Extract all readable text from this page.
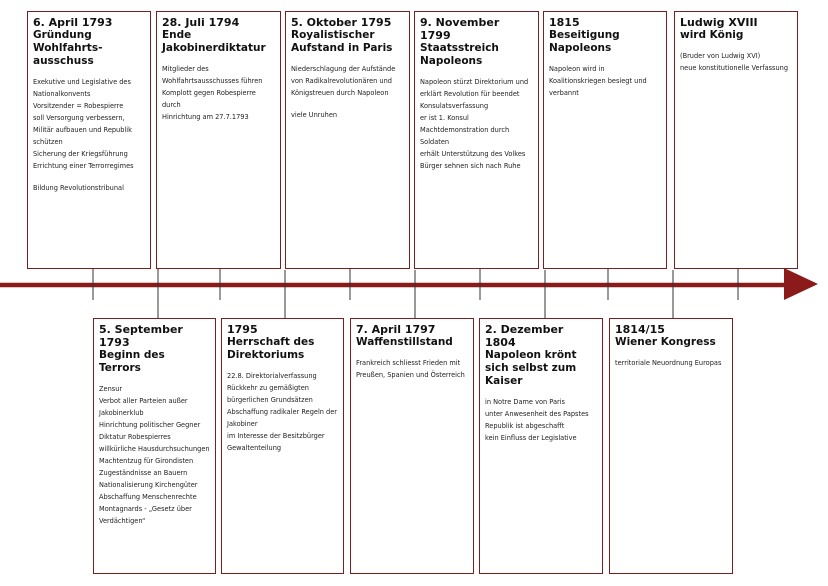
6. April 1793
Gründung Wohlfahrts-ausschuss
Exekutive und Legislative des Nationalkonvents
Vorsitzender = Robespierre
soll Versorgung verbessern, Militär aufbauen und Republik schützen
Sicherung der Kriegsführung
Errichtung einer Terrorregimes
Bildung Revolutionstribunal
28. Juli 1794
Ende Jakobinerdiktatur
Mitglieder des Wohlfahrtsausschusses führen Komplott gegen Robespierre durch
Hinrichtung am 27.7.1793
5. Oktober 1795
Royalistischer Aufstand in Paris
Niederschlagung der Aufstände von Radikalrevolutionären und Königstreuen durch Napoleon
viele Unruhen
9. November 1799
Staatsstreich Napoleons
Napoleon stürzt Direktorium und erklärt Revolution für beendet
Konsulatsverfassung
er ist 1. Konsul
Machtdemonstration durch Soldaten
erhält Unterstützung des Volkes
Bürger sehnen sich nach Ruhe
1815
Beseitigung Napoleons
Napoleon wird in Koalitionskriegen besiegt und verbannt
Ludwig XVIII
wird König
(Bruder von Ludwig XVI)
neue konstitutionelle Verfassung
5. September 1793
Beginn des Terrors
Zensur
Verbot aller Parteien außer Jakobinerklub
Hinrichtung politischer Gegner
Diktatur Robespierres
willkürliche Hausdurchsuchungen
Machtentzug für Girondisten
Zugeständnisse an Bauern
Nationalisierung Kirchengüter
Abschaffung Menschenrechte
Montagnards - „Gesetz über Verdächtigen“
1795
Herrschaft des Direktoriums
22.8. Direktorialverfassung
Rückkehr zu gemäßigten bürgerlichen Grundsätzen
Abschaffung radikaler Regeln der Jakobiner
im Interesse der Besitzbürger
Gewaltenteilung
7. April 1797
Waffenstillstand
Frankreich schliesst Frieden mit Preußen, Spanien und Österreich
2. Dezember 1804
Napoleon krönt sich selbst zum Kaiser
in Notre Dame von Paris
unter Anwesenheit des Papstes
Republik ist abgeschafft
kein Einfluss der Legislative
1814/15
Wiener Kongress
territoriale Neuordnung Europas
